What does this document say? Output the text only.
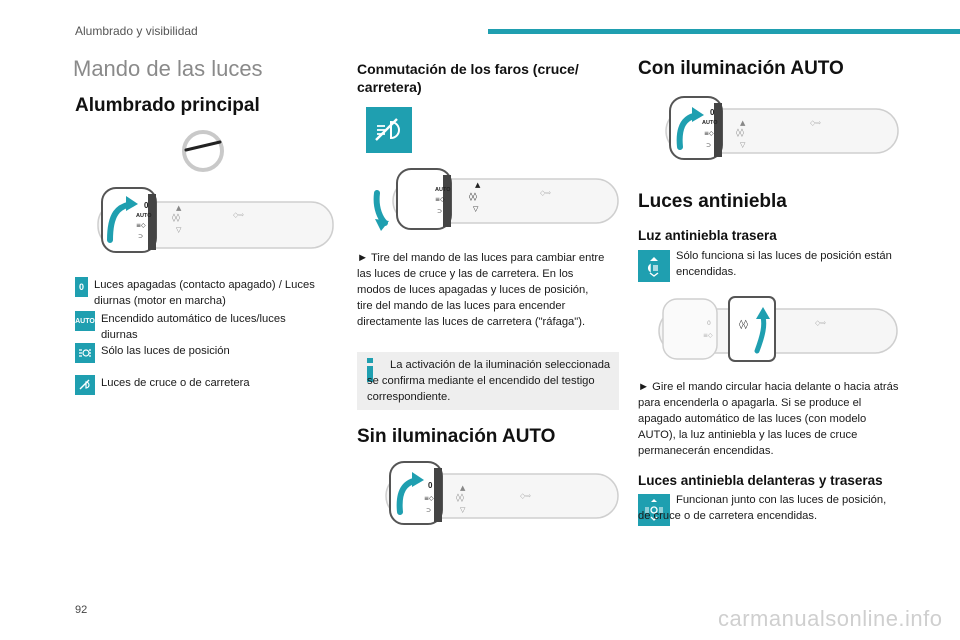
Alumbrado y visibilidad
Mando de las luces
Alumbrado principal
0
AUTO
≡◇
⊃
▲
◊◊
▽
◇⇨
0 Luces apagadas (contacto apagado) / Luces diurnas (motor en marcha)
AUTO Encendido automático de luces/luces diurnas
Sólo las luces de posición
Luces de cruce o de carretera
Conmutación de los faros (cruce/ carretera)
AUTO
≡◇
⊃
▲
◊◊
▽
◇⇨
► Tire del mando de las luces para cambiar entre las luces de cruce y las de carretera. En los modos de luces apagadas y luces de posición, tire del mando de las luces para encender directamente las luces de carretera ("ráfaga").
La activación de la iluminación seleccionada se confirma mediante el encendido del testigo correspondiente.
Sin iluminación AUTO
0
≡◇
⊃
▲
◊◊
▽
◇⇨
Con iluminación AUTO
0
AUTO
≡◇
⊃
▲
◊◊
▽
◇⇨
Luces antiniebla
Luz antiniebla trasera
Sólo funciona si las luces de posición están encendidas.
0
≡◇
◊◊	◇⇨
► Gire el mando circular hacia delante o hacia atrás para encenderla o apagarla. Si se produce el apagado automático de las luces (con modelo AUTO), la luz antiniebla y las luces de cruce permanecerán encendidas.
Luces antiniebla delanteras y traseras
Funcionan junto con las luces de posición, de cruce o de carretera encendidas.
92	carmanualsonline.info
